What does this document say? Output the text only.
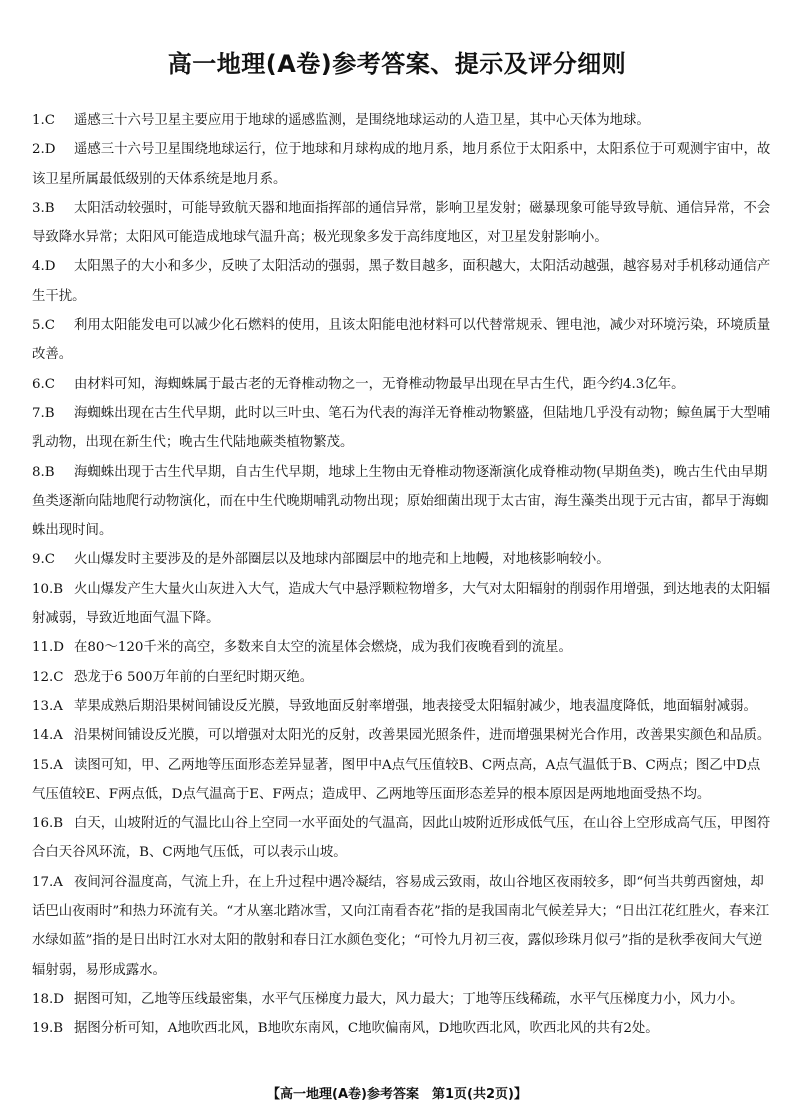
高一地理(A卷)参考答案、提示及评分细则
1.C 遥感三十六号卫星主要应用于地球的遥感监测，是围绕地球运动的人造卫星，其中心天体为地球。
2.D	遥感三十六号卫星围绕地球运行，位于地球和月球构成的地月系，地月系位于太阳系中，太阳系位于可观测宇宙中，故该卫星所属最低级别的天体系统是地月系。
3.B	太阳活动较强时，可能导致航天器和地面指挥部的通信异常，影响卫星发射；磁暴现象可能导致导航、通信异常，不会导致降水异常；太阳风可能造成地球气温升高；极光现象多发于高纬度地区，对卫星发射影响小。
4.D	太阳黑子的大小和多少，反映了太阳活动的强弱，黑子数目越多，面积越大，太阳活动越强，越容易对手机移动通信产生干扰。
5.C	利用太阳能发电可以减少化石燃料的使用，且该太阳能电池材料可以代替常规汞、锂电池，减少对环境污染，环境质量改善。
6.C 由材料可知，海蜘蛛属于最古老的无脊椎动物之一，无脊椎动物最早出现在早古生代，距今约4.3亿年。
7.B	海蜘蛛出现在古生代早期，此时以三叶虫、笔石为代表的海洋无脊椎动物繁盛，但陆地几乎没有动物；鲸鱼属于大型哺乳动物，出现在新生代；晚古生代陆地蕨类植物繁茂。
8.B	海蜘蛛出现于古生代早期，自古生代早期，地球上生物由无脊椎动物逐渐演化成脊椎动物(早期鱼类)，晚古生代由早期鱼类逐渐向陆地爬行动物演化，而在中生代晚期哺乳动物出现；原始细菌出现于太古宙，海生藻类出现于元古宙，都早于海蜘蛛出现时间。
9.C 火山爆发时主要涉及的是外部圈层以及地球内部圈层中的地壳和上地幔，对地核影响较小。
10.B 火山爆发产生大量火山灰进入大气，造成大气中悬浮颗粒物增多，大气对太阳辐射的削弱作用增强，到达地表的太阳辐射减弱，导致近地面气温下降。
11.D 在80～120千米的高空，多数来自太空的流星体会燃烧，成为我们夜晚看到的流星。
12.C 恐龙于6 500万年前的白垩纪时期灭绝。
13.A 苹果成熟后期沿果树间铺设反光膜，导致地面反射率增强，地表接受太阳辐射减少，地表温度降低，地面辐射减弱。
14.A 沿果树间铺设反光膜，可以增强对太阳光的反射，改善果园光照条件，进而增强果树光合作用，改善果实颜色和品质。
15.A 读图可知，甲、乙两地等压面形态差异显著，图甲中A点气压值较B、C两点高，A点气温低于B、C两点；图乙中D点气压值较E、F两点低，D点气温高于E、F两点；造成甲、乙两地等压面形态差异的根本原因是两地地面受热不均。
16.B 白天，山坡附近的气温比山谷上空同一水平面处的气温高，因此山坡附近形成低气压，在山谷上空形成高气压，甲图符合白天谷风环流，B、C两地气压低，可以表示山坡。
17.A 夜间河谷温度高，气流上升，在上升过程中遇冷凝结，容易成云致雨，故山谷地区夜雨较多，即“何当共剪西窗烛，却话巴山夜雨时”和热力环流有关。“才从塞北踏冰雪，又向江南看杏花”指的是我国南北气候差异大；“日出江花红胜火，春来江水绿如蓝”指的是日出时江水对太阳的散射和春日江水颜色变化；“可怜九月初三夜，露似珍珠月似弓”指的是秋季夜间大气逆辐射弱，易形成露水。
18.D 据图可知，乙地等压线最密集，水平气压梯度力最大，风力最大；丁地等压线稀疏，水平气压梯度力小，风力小。
19.B 据图分析可知，A地吹西北风，B地吹东南风，C地吹偏南风，D地吹西北风，吹西北风的共有2处。
【高一地理(A卷)参考答案　第1页(共2页)】
